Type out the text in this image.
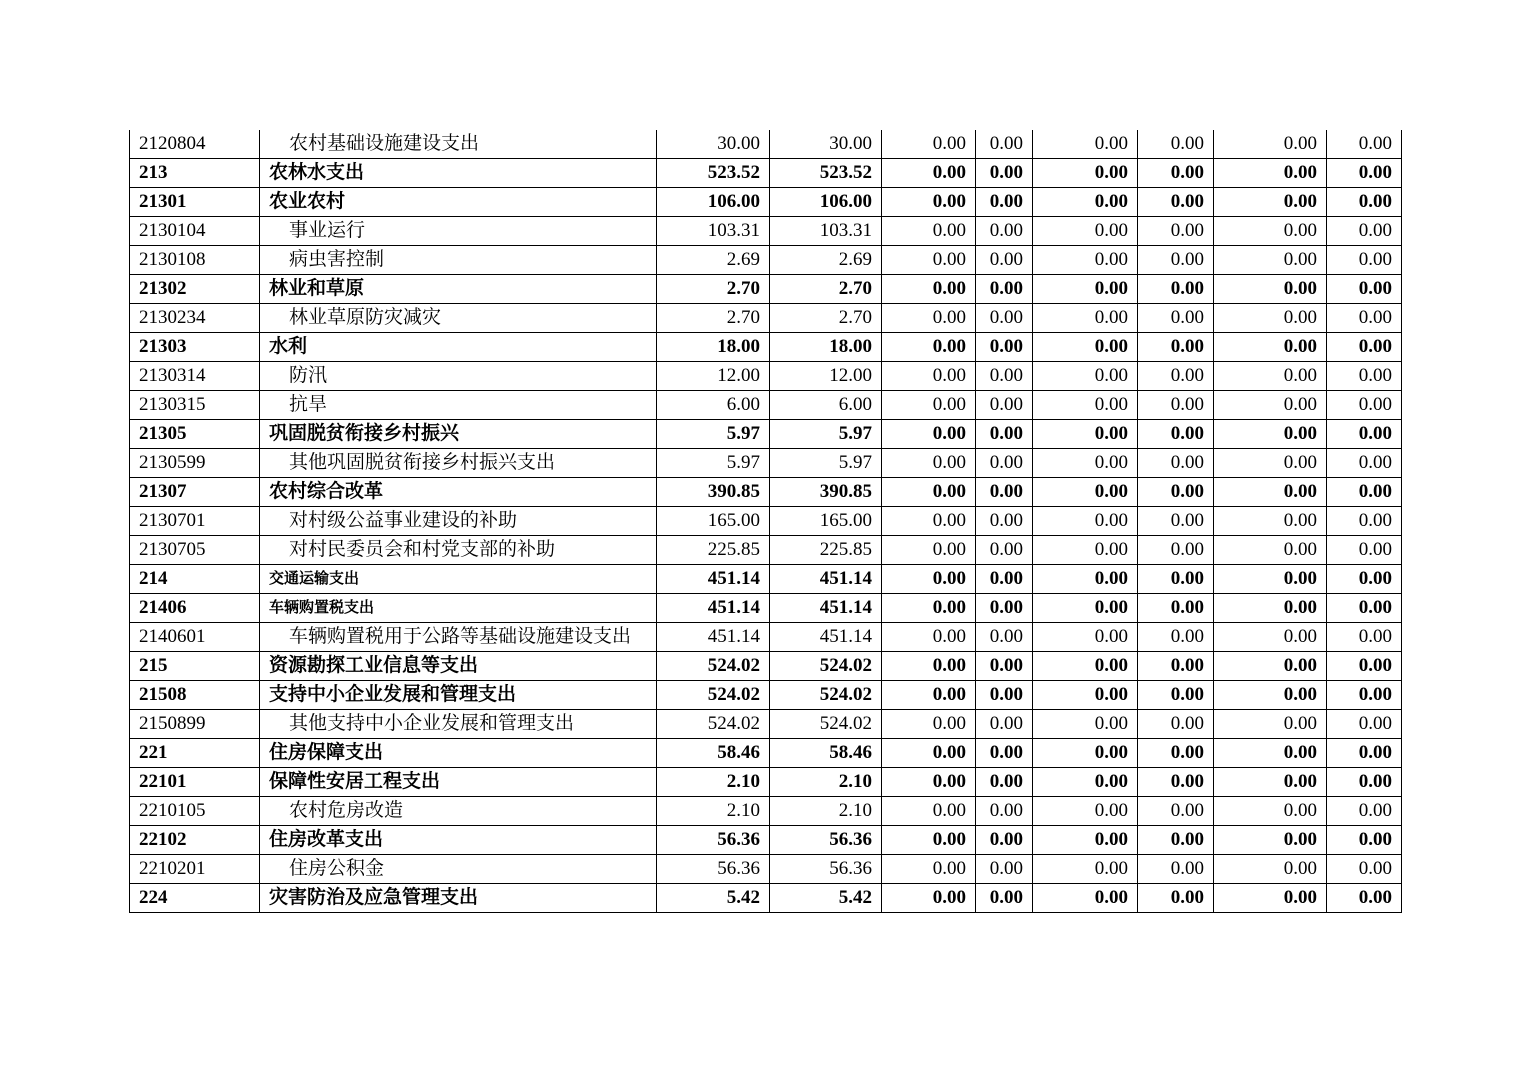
2120804	农村基础设施建设支出	30.00	30.00	0.00	0.00	0.00	0.00	0.00	0.00
213	农林水支出	523.52	523.52	0.00	0.00	0.00	0.00	0.00	0.00
21301	农业农村	106.00	106.00	0.00	0.00	0.00	0.00	0.00	0.00
2130104	事业运行	103.31	103.31	0.00	0.00	0.00	0.00	0.00	0.00
2130108	病虫害控制	2.69	2.69	0.00	0.00	0.00	0.00	0.00	0.00
21302	林业和草原	2.70	2.70	0.00	0.00	0.00	0.00	0.00	0.00
2130234	林业草原防灾减灾	2.70	2.70	0.00	0.00	0.00	0.00	0.00	0.00
21303	水利	18.00	18.00	0.00	0.00	0.00	0.00	0.00	0.00
2130314	防汛	12.00	12.00	0.00	0.00	0.00	0.00	0.00	0.00
2130315	抗旱	6.00	6.00	0.00	0.00	0.00	0.00	0.00	0.00
21305	巩固脱贫衔接乡村振兴	5.97	5.97	0.00	0.00	0.00	0.00	0.00	0.00
2130599	其他巩固脱贫衔接乡村振兴支出	5.97	5.97	0.00	0.00	0.00	0.00	0.00	0.00
21307	农村综合改革	390.85	390.85	0.00	0.00	0.00	0.00	0.00	0.00
2130701	对村级公益事业建设的补助	165.00	165.00	0.00	0.00	0.00	0.00	0.00	0.00
2130705	对村民委员会和村党支部的补助	225.85	225.85	0.00	0.00	0.00	0.00	0.00	0.00
214	交通运输支出	451.14	451.14	0.00	0.00	0.00	0.00	0.00	0.00
21406	车辆购置税支出	451.14	451.14	0.00	0.00	0.00	0.00	0.00	0.00
2140601	车辆购置税用于公路等基础设施建设支出	451.14	451.14	0.00	0.00	0.00	0.00	0.00	0.00
215	资源勘探工业信息等支出	524.02	524.02	0.00	0.00	0.00	0.00	0.00	0.00
21508	支持中小企业发展和管理支出	524.02	524.02	0.00	0.00	0.00	0.00	0.00	0.00
2150899	其他支持中小企业发展和管理支出	524.02	524.02	0.00	0.00	0.00	0.00	0.00	0.00
221	住房保障支出	58.46	58.46	0.00	0.00	0.00	0.00	0.00	0.00
22101	保障性安居工程支出	2.10	2.10	0.00	0.00	0.00	0.00	0.00	0.00
2210105	农村危房改造	2.10	2.10	0.00	0.00	0.00	0.00	0.00	0.00
22102	住房改革支出	56.36	56.36	0.00	0.00	0.00	0.00	0.00	0.00
2210201	住房公积金	56.36	56.36	0.00	0.00	0.00	0.00	0.00	0.00
224	灾害防治及应急管理支出	5.42	5.42	0.00	0.00	0.00	0.00	0.00	0.00
